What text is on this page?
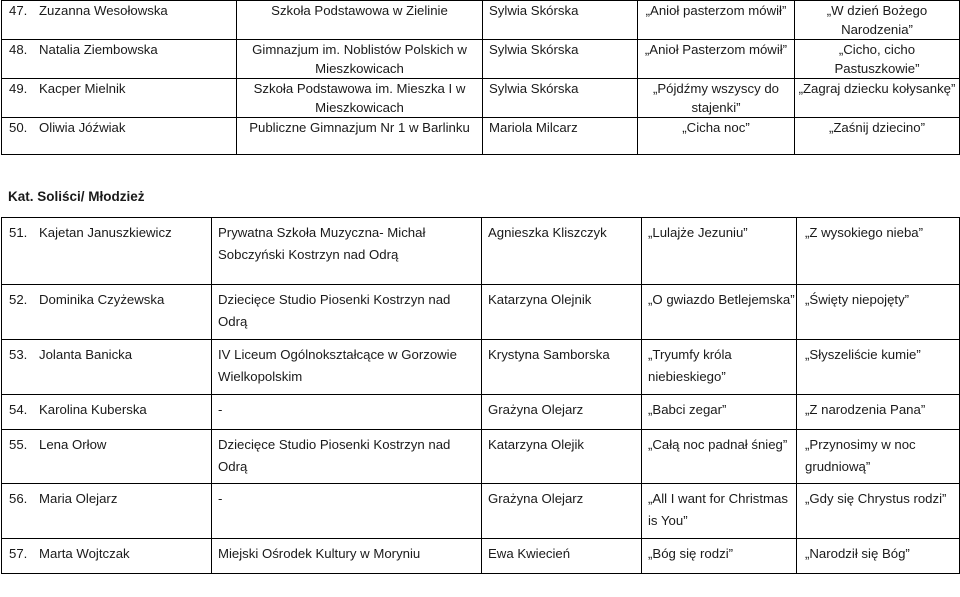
47. Zuzanna Wesołowska	Szkoła Podstawowa w Zielinie	Sylwia Skórska	„Anioł pasterzom mówił”	„W dzień Bożego Narodzenia”
48. Natalia Ziembowska	Gimnazjum im. Noblistów Polskich w Mieszkowicach	Sylwia Skórska	„Anioł Pasterzom mówił”	„Cicho, cicho Pastuszkowie”
49. Kacper Mielnik	Szkoła Podstawowa im. Mieszka I w Mieszkowicach	Sylwia Skórska	„Pójdźmy wszyscy do stajenki”	„Zagraj dziecku kołysankę”
50. Oliwia Jóźwiak	Publiczne Gimnazjum Nr 1 w Barlinku	Mariola Milcarz	„Cicha noc”	„Zaśnij dziecino”
Kat. Soliści/ Młodzież
51. Kajetan Januszkiewicz	Prywatna Szkoła Muzyczna- Michał Sobczyński Kostrzyn nad Odrą	Agnieszka Kliszczyk	„Lulajże Jezuniu”	„Z wysokiego nieba”
52. Dominika Czyżewska	Dziecięce Studio Piosenki Kostrzyn nad Odrą	Katarzyna Olejnik	„O gwiazdo Betlejemska”	„Święty niepojęty”
53. Jolanta Banicka	IV Liceum Ogólnokształcące w Gorzowie Wielkopolskim	Krystyna Samborska	„Tryumfy króla niebieskiego”	„Słyszeliście kumie”
54. Karolina Kuberska	-	Grażyna Olejarz	„Babci zegar”	„Z narodzenia Pana”
55. Lena Orłow	Dziecięce Studio Piosenki Kostrzyn nad Odrą	Katarzyna Olejik	„Całą noc padnał śnieg”	„Przynosimy w noc grudniową”
56. Maria Olejarz	-	Grażyna Olejarz	„All I want for Christmas is You”	„Gdy się Chrystus rodzi”
57. Marta Wojtczak	Miejski Ośrodek Kultury w Moryniu	Ewa Kwiecień	„Bóg się rodzi”	„Narodził się Bóg”
